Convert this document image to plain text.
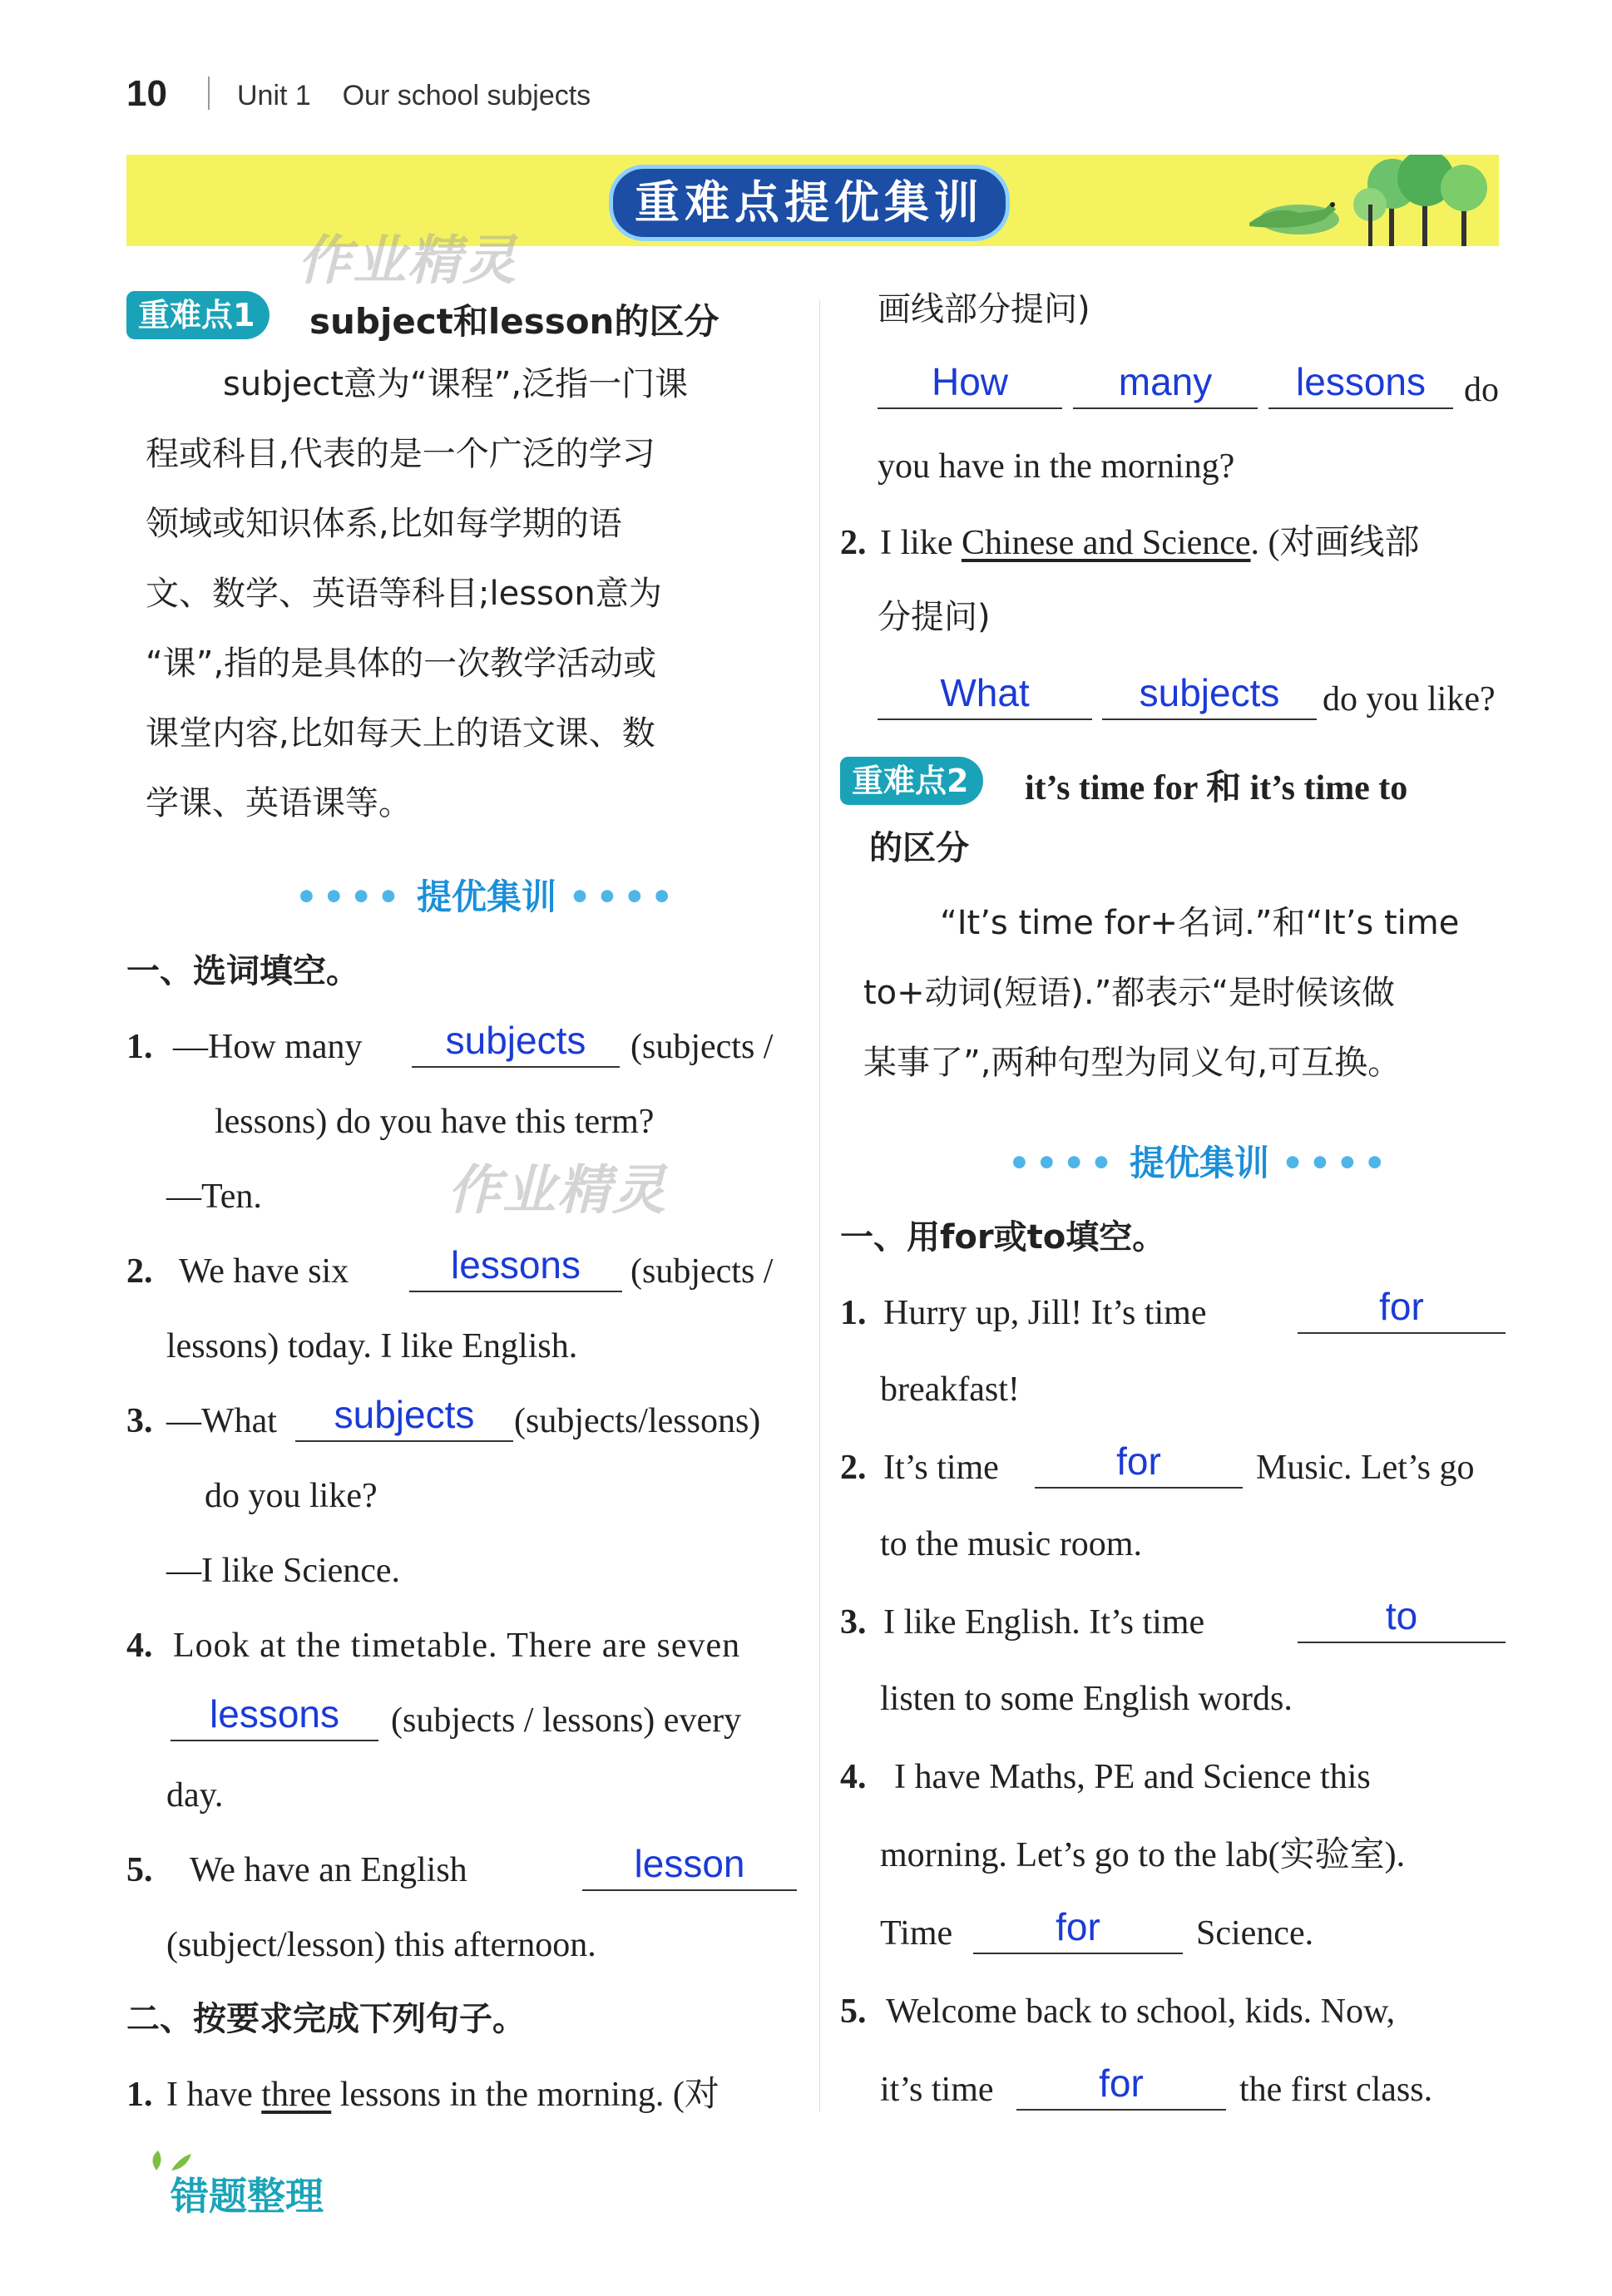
10 Unit 1    Our school subjects
重难点提优集训
作业精灵
重难点1	subject和lesson的区分
subject意为“课程”,泛指一门课
程或科目,代表的是一个广泛的学习
领域或知识体系,比如每学期的语
文、数学、英语等科目;lesson意为
“课”,指的是具体的一次教学活动或
课堂内容,比如每天上的语文课、数
学课、英语课等。
•••• 提优集训 ••••
一、选词填空。
1. —How many	subjects	(subjects /
lessons) do you have this term?
—Ten.	作业精灵
2. We have six	lessons	(subjects /
lessons) today. I like English.
3. —What	subjects	(subjects/lessons)
do you like?
—I like Science.
4. Look at the timetable. There are seven
lessons	(subjects / lessons) every
day.
5. We have an English	lesson
(subject/lesson) this afternoon.
二、按要求完成下列句子。
1. I have three lessons in the morning. (对
画线部分提问)
How	many	lessons	do
you have in the morning?
2. I like Chinese and Science. (对画线部
分提问)
What	subjects	do you like?
重难点2	it’s time for 和 it’s time to
的区分
“It’s time for+名词.”和“It’s time
to+动词(短语).”都表示“是时候该做
某事了”,两种句型为同义句,可互换。
•••• 提优集训 ••••
一、用for或to填空。
1. Hurry up, Jill! It’s time	for
breakfast!
2. It’s time	for	Music. Let’s go
to the music room.
3. I like English. It’s time	to
listen to some English words.
4. I have Maths, PE and Science this
morning. Let’s go to the lab(实验室).
Time	for	Science.
5. Welcome back to school, kids. Now,
it’s time	for	the first class.
错题整理
